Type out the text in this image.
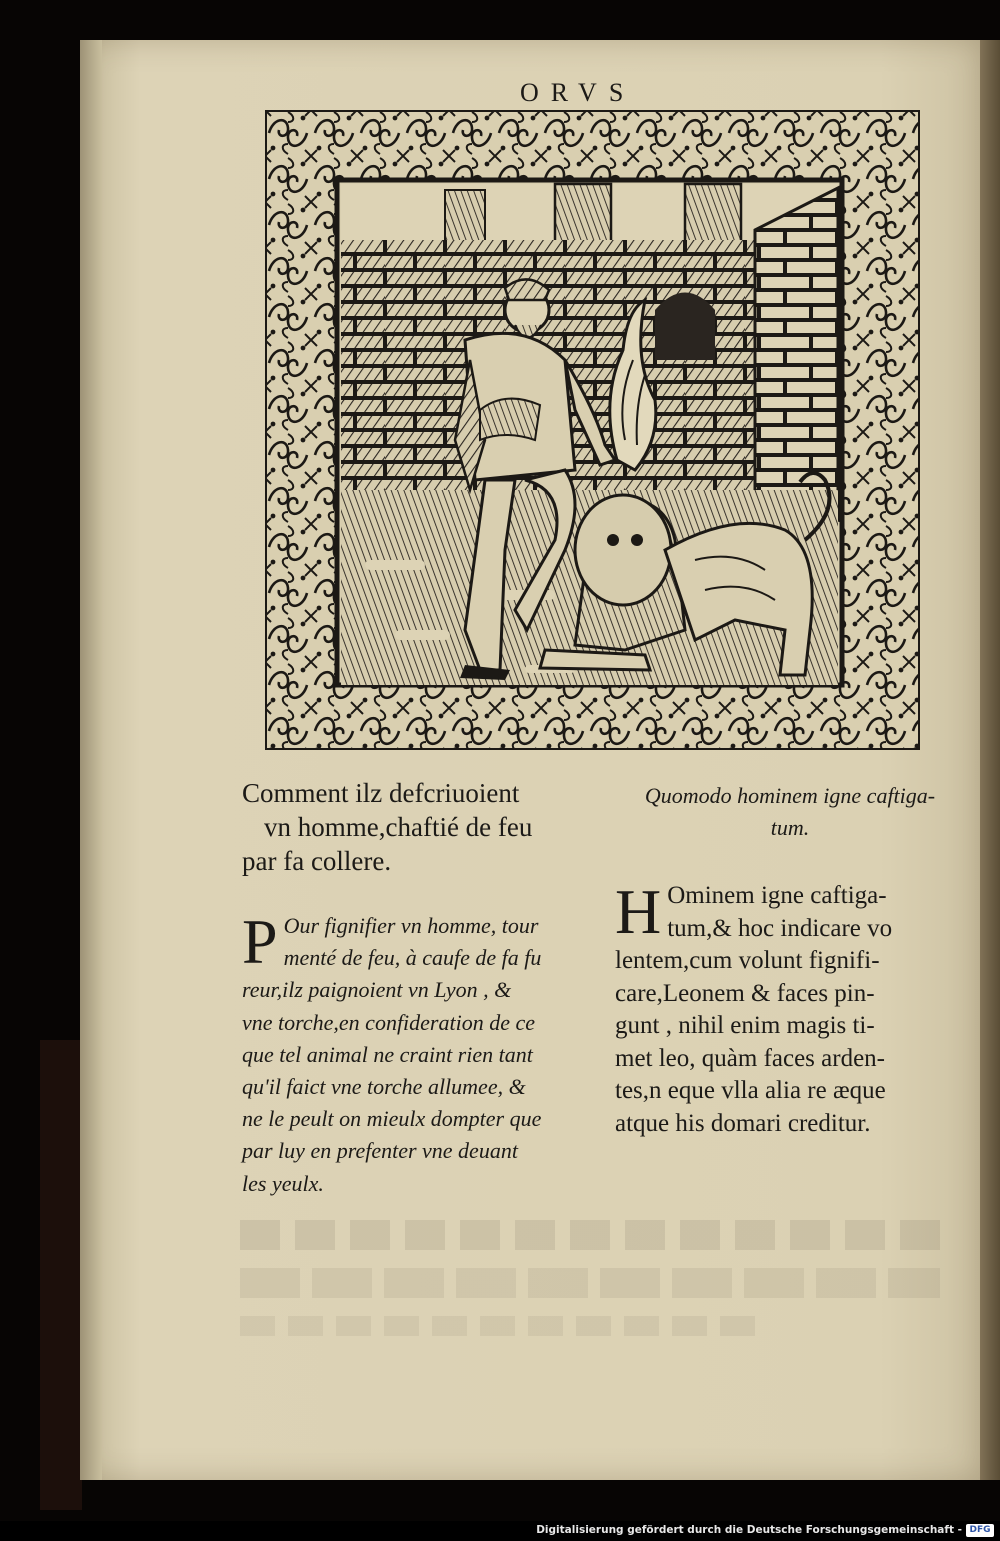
ORVS
Comment ilz defcriuoient
vn homme,chaftié de feu
par fa collere.
P Our fignifier vn homme, tour
menté de feu, à caufe de fa fu
reur,ilz paignoient vn Lyon , &
vne torche,en confideration de ce
que tel animal ne craint rien tant
qu'il faict vne torche allumee, &
ne le peult on mieulx dompter que
par luy en prefenter vne deuant
les yeulx.
Quomodo hominem igne caftiga-
tum.
H Ominem igne caftiga-
tum,& hoc indicare vo
lentem,cum volunt fignifi-
care,Leonem & faces pin-
gunt , nihil enim magis ti-
met leo, quàm faces arden-
tes,n eque vlla alia re æque
atque his domari creditur.
Digitalisierung gefördert durch die Deutsche Forschungsgemeinschaft - DFG
